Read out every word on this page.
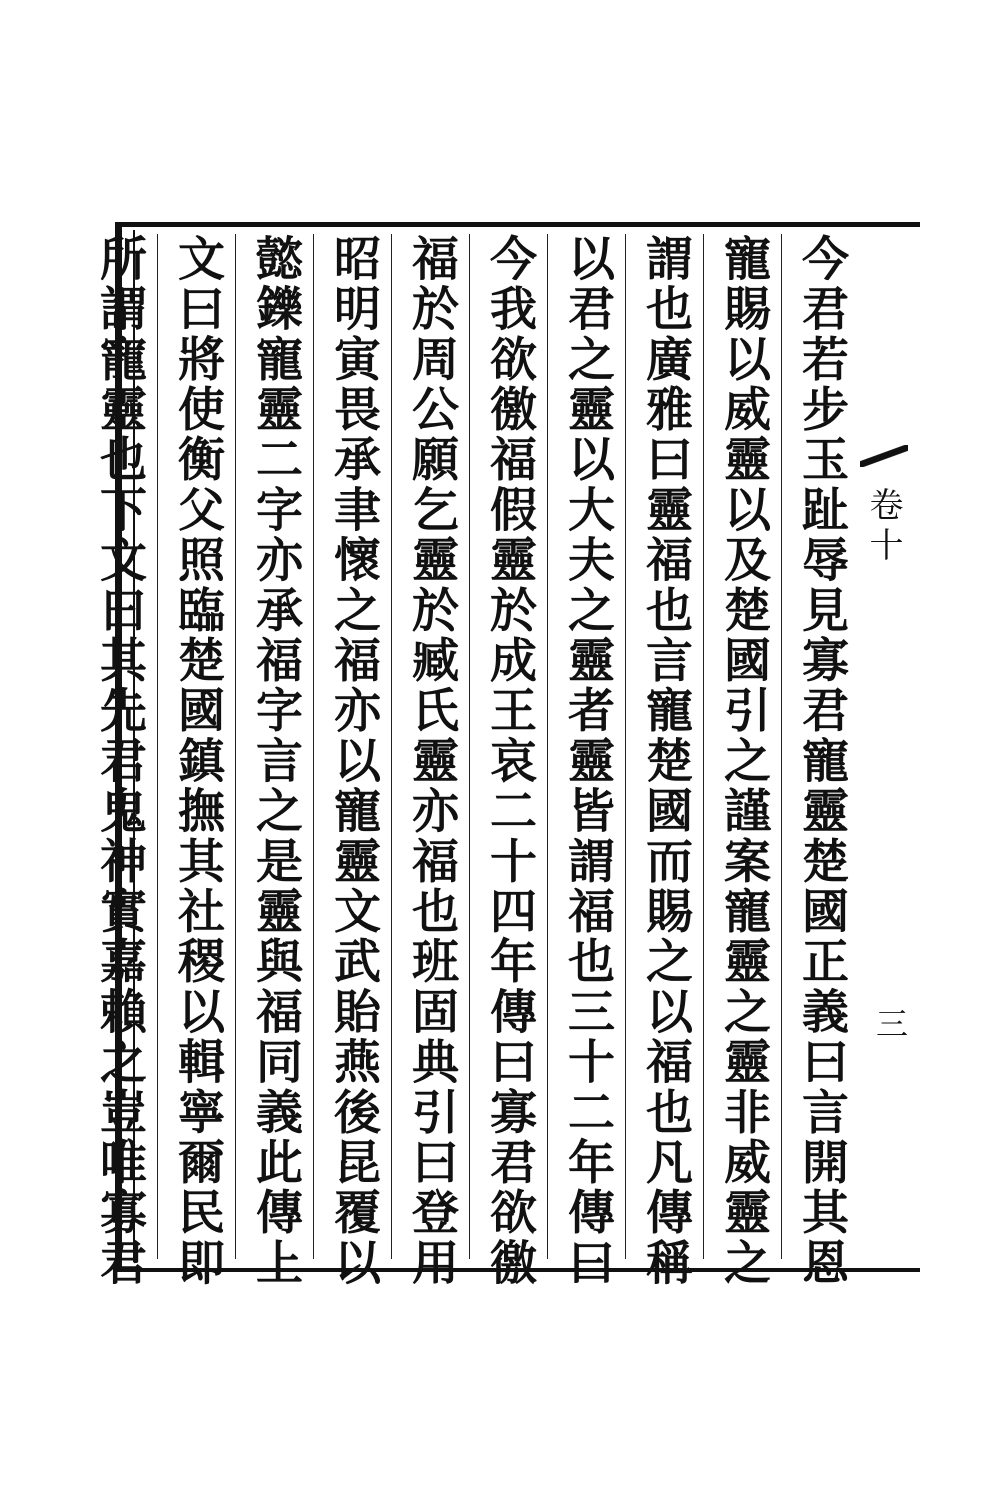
卷十
三
今君若步玉趾辱見寡君寵靈楚國正義曰言開其恩
寵賜以威靈以及楚國引之謹案寵靈之靈非威靈之
謂也廣雅曰靈福也言寵楚國而賜之以福也凡傳稱
以君之靈以大夫之靈者靈皆謂福也三十二年傳曰
今我欲徼福假靈於成王哀二十四年傳曰寡君欲徼
福於周公願乞靈於臧氏靈亦福也班固典引曰登用
昭明寅畏承聿懷之福亦以寵靈文武貽燕後昆覆以
懿鑠寵靈二字亦承福字言之是靈與福同義此傳上
文曰將使衡父照臨楚國鎮撫其社稷以輯寧爾民即
所謂寵靈也下文曰其先君鬼神實嘉賴之豈唯寡君
